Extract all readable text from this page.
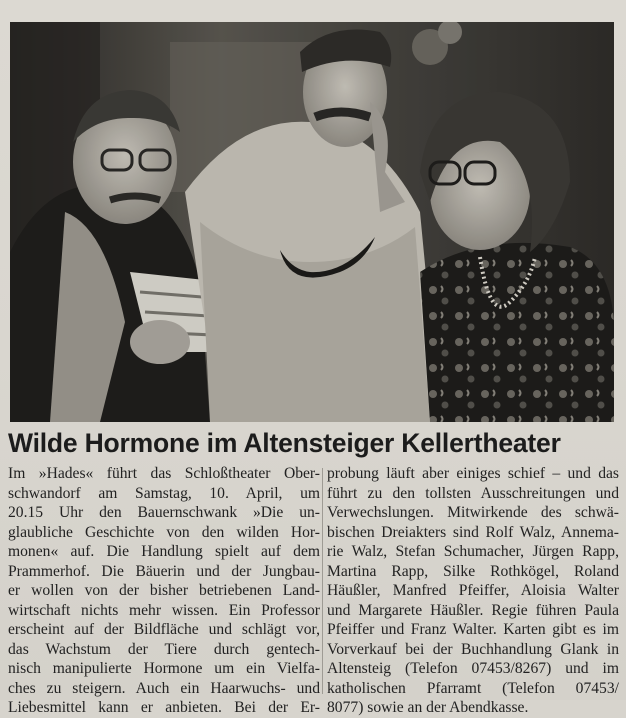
Wilde Hormone im Altensteiger Kellertheater
Im »Hades« führt das Schloßtheater Ober-
schwandorf am Samstag, 10. April, um
20.15 Uhr den Bauernschwank »Die un-
glaubliche Geschichte von den wilden Hor-
monen« auf. Die Handlung spielt auf dem
Prammerhof. Die Bäuerin und der Jungbau-
er wollen von der bisher betriebenen Land-
wirtschaft nichts mehr wissen. Ein Professor
erscheint auf der Bildfläche und schlägt vor,
das Wachstum der Tiere durch gentech-
nisch manipulierte Hormone um ein Vielfa-
ches zu steigern. Auch ein Haarwuchs- und
Liebesmittel kann er anbieten. Bei der Er-
probung läuft aber einiges schief – und das
führt zu den tollsten Ausschreitungen und
Verwechslungen. Mitwirkende des schwä-
bischen Dreiakters sind Rolf Walz, Annema-
rie Walz, Stefan Schumacher, Jürgen Rapp,
Martina Rapp, Silke Rothkögel, Roland
Häußler, Manfred Pfeiffer, Aloisia Walter
und Margarete Häußler. Regie führen Paula
Pfeiffer und Franz Walter. Karten gibt es im
Vorverkauf bei der Buchhandlung Glank in
Altensteig (Telefon 07453/8267) und im
katholischen Pfarramt (Telefon 07453/
8077) sowie an der Abendkasse.
